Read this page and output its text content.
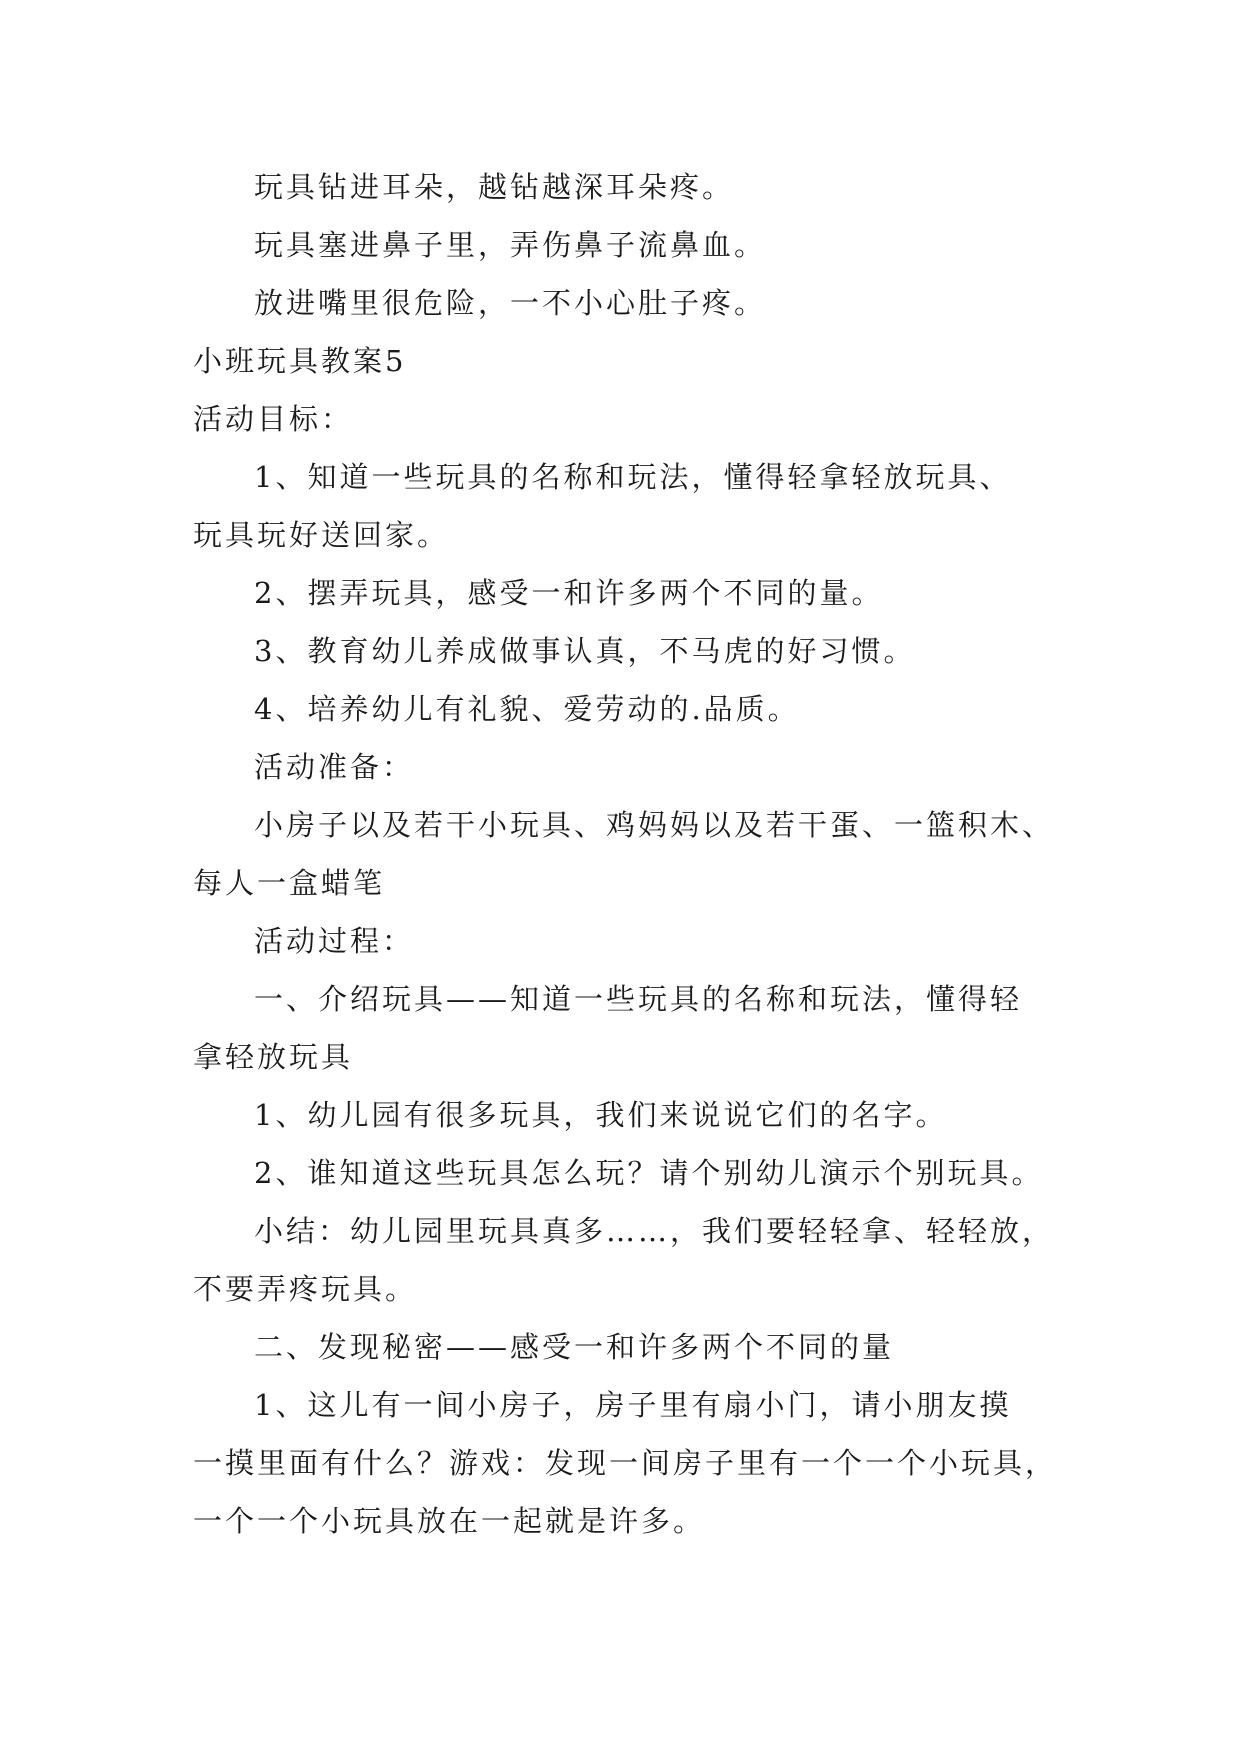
玩具钻进耳朵，越钻越深耳朵疼。

玩具塞进鼻子里，弄伤鼻子流鼻血。

放进嘴里很危险，一不小心肚子疼。

小班玩具教案5

活动目标：

1、知道一些玩具的名称和玩法，懂得轻拿轻放玩具、

玩具玩好送回家。

2、摆弄玩具，感受一和许多两个不同的量。

3、教育幼儿养成做事认真，不马虎的好习惯。

4、培养幼儿有礼貌、爱劳动的.品质。

活动准备：

小房子以及若干小玩具、鸡妈妈以及若干蛋、一篮积木、

每人一盒蜡笔

活动过程：

一、介绍玩具——知道一些玩具的名称和玩法，懂得轻

拿轻放玩具

1、幼儿园有很多玩具，我们来说说它们的名字。

2、谁知道这些玩具怎么玩？请个别幼儿演示个别玩具。

小结：幼儿园里玩具真多……，我们要轻轻拿、轻轻放，

不要弄疼玩具。

二、发现秘密——感受一和许多两个不同的量

1、这儿有一间小房子，房子里有扇小门，请小朋友摸

一摸里面有什么？游戏：发现一间房子里有一个一个小玩具，

一个一个小玩具放在一起就是许多。
